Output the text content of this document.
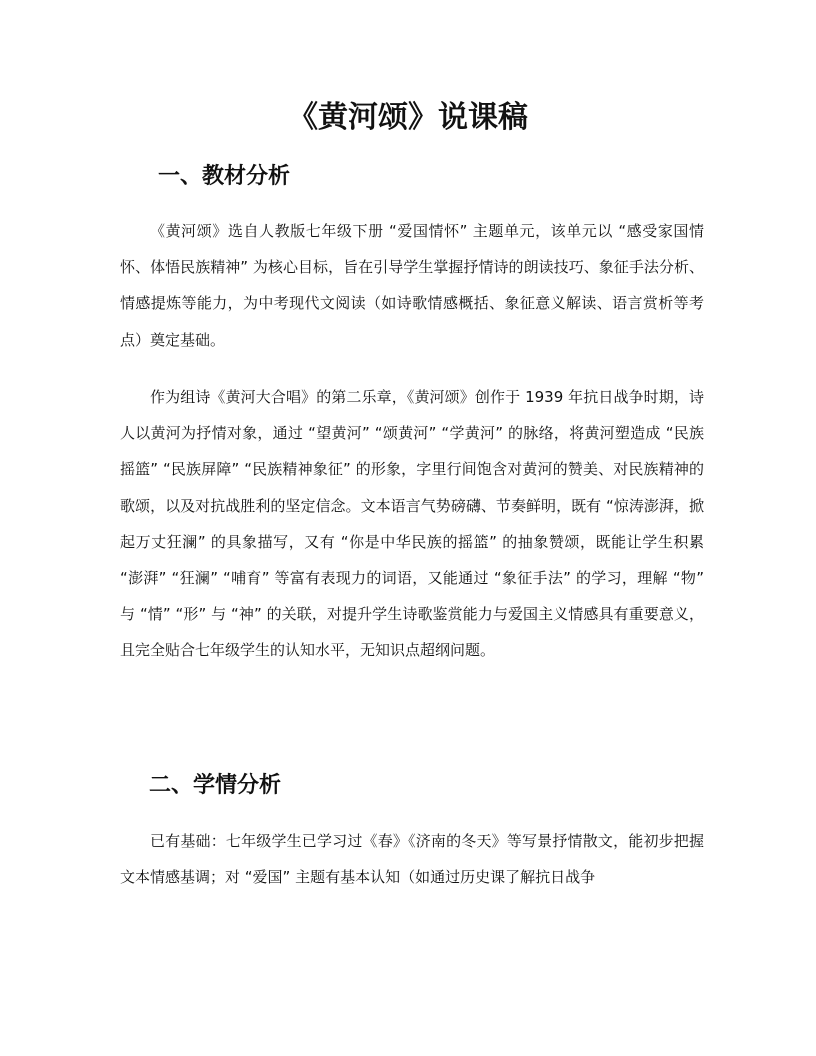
《黄河颂》说课稿
一、教材分析

《黄河颂》选自人教版七年级下册 “爱国情怀” 主题单元，该单元以 “感受家国情怀、体悟民族精神” 为核心目标，旨在引导学生掌握抒情诗的朗读技巧、象征手法分析、情感提炼等能力，为中考现代文阅读（如诗歌情感概括、象征意义解读、语言赏析等考点）奠定基础。

作为组诗《黄河大合唱》的第二乐章，《黄河颂》创作于 1939 年抗日战争时期，诗人以黄河为抒情对象，通过 “望黄河” “颂黄河” “学黄河” 的脉络，将黄河塑造成 “民族摇篮” “民族屏障” “民族精神象征” 的形象，字里行间饱含对黄河的赞美、对民族精神的歌颂，以及对抗战胜利的坚定信念。文本语言气势磅礴、节奏鲜明，既有 “惊涛澎湃，掀起万丈狂澜” 的具象描写，又有 “你是中华民族的摇篮” 的抽象赞颂，既能让学生积累 “澎湃” “狂澜” “哺育” 等富有表现力的词语，又能通过 “象征手法” 的学习，理解 “物” 与 “情” “形” 与 “神” 的关联，对提升学生诗歌鉴赏能力与爱国主义情感具有重要意义，且完全贴合七年级学生的认知水平，无知识点超纲问题。

二、学情分析

已有基础：七年级学生已学习过《春》《济南的冬天》等写景抒情散文，能初步把握文本情感基调；对 “爱国” 主题有基本认知（如通过历史课了解抗日战争
